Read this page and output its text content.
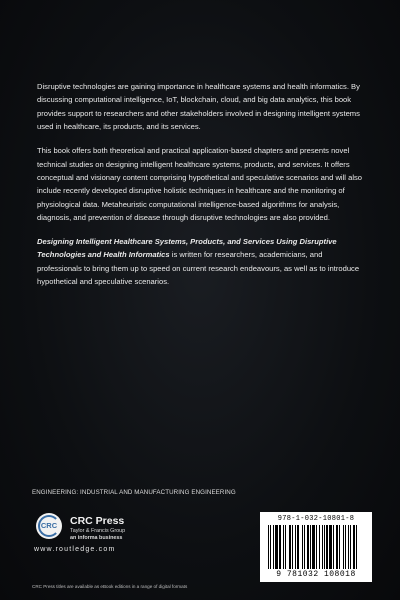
Disruptive technologies are gaining importance in healthcare systems and health informatics. By discussing computational intelligence, IoT, blockchain, cloud, and big data analytics, this book provides support to researchers and other stakeholders involved in designing intelligent systems used in healthcare, its products, and its services.

This book offers both theoretical and practical application-based chapters and presents novel technical studies on designing intelligent healthcare systems, products, and services. It offers conceptual and visionary content comprising hypothetical and speculative scenarios and will also include recently developed disruptive holistic techniques in healthcare and the monitoring of physiological data. Metaheuristic computational intelligence-based algorithms for analysis, diagnosis, and prevention of disease through disruptive technologies are also provided.

Designing Intelligent Healthcare Systems, Products, and Services Using Disruptive Technologies and Health Informatics is written for researchers, academicians, and professionals to bring them up to speed on current research endeavours, as well as to introduce hypothetical and speculative scenarios.

ENGINEERING: INDUSTRIAL AND MANUFACTURING ENGINEERING
CRC	CRC Press
Taylor & Francis Group
an informa business
www.routledge.com
CRC Press titles are available as eBook editions in a range of digital formats
978-1-032-10801-8
9 781032 108018
